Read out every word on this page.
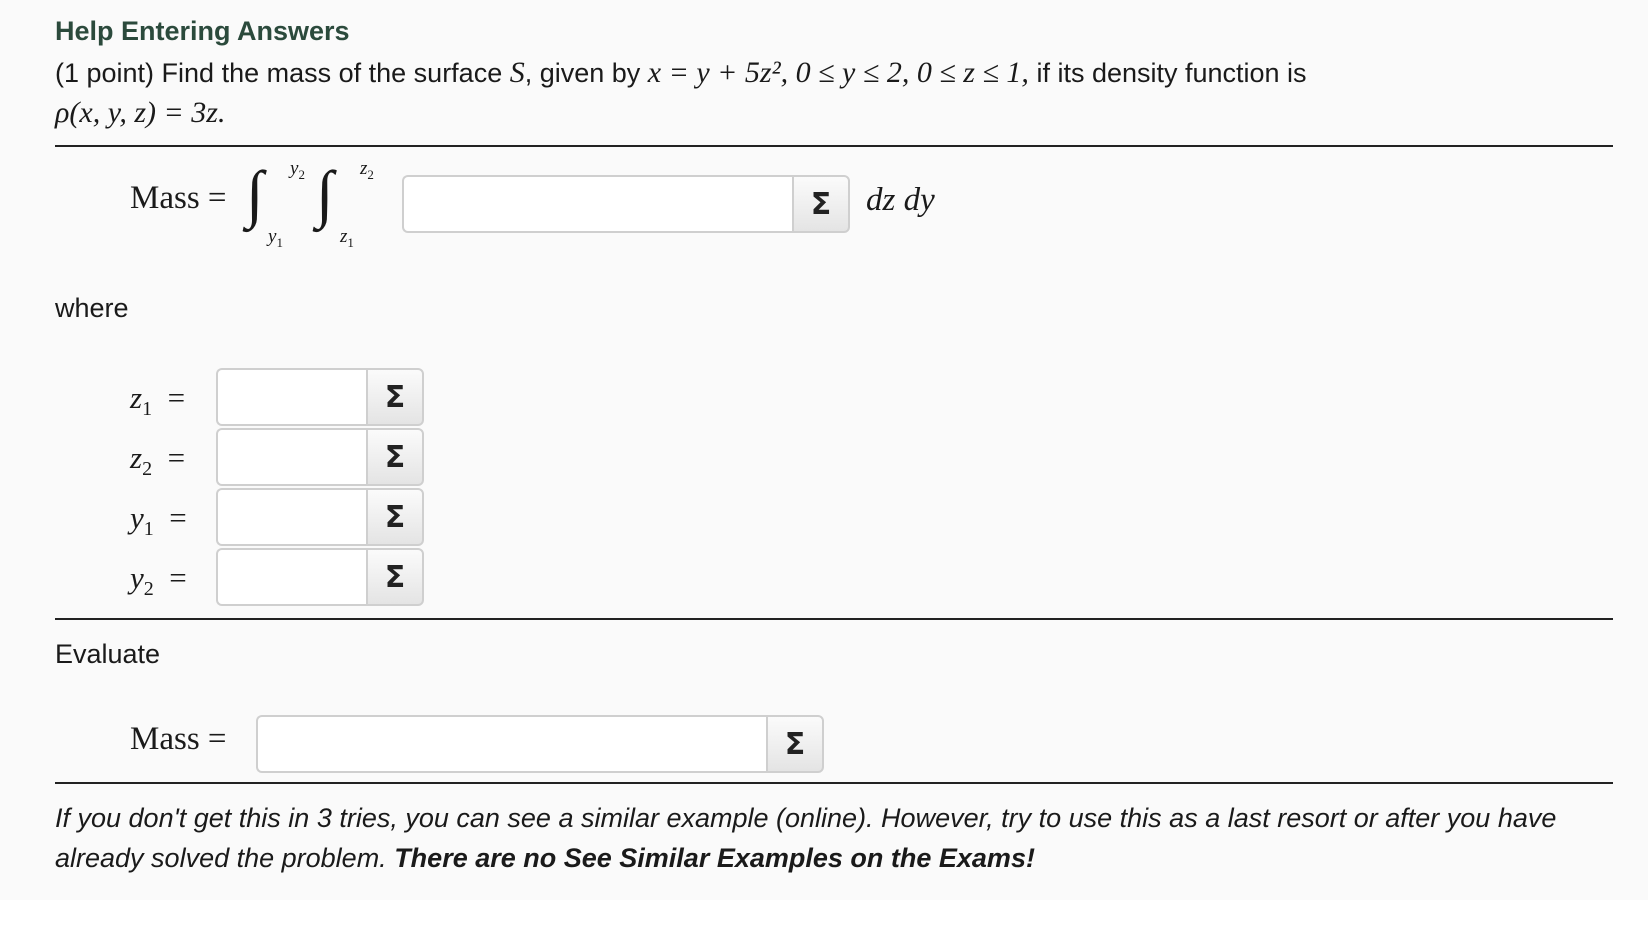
Help Entering Answers
(1 point) Find the mass of the surface S, given by x = y + 5z², 0 ≤ y ≤ 2, 0 ≤ z ≤ 1, if its density function is
ρ(x, y, z) = 3z.
Mass = ∫ $y_2$
$y_1$
∫ $z_2$
$z_1$
Σ dz dy
where
$z_1$ =	Σ
$z_2$ =	Σ
$y_1$ =	Σ
$y_2$ =	Σ
Evaluate
Mass =	Σ
If you don't get this in 3 tries, you can see a similar example (online). However, try to use this as a last resort or after you have
already solved the problem. There are no See Similar Examples on the Exams!
